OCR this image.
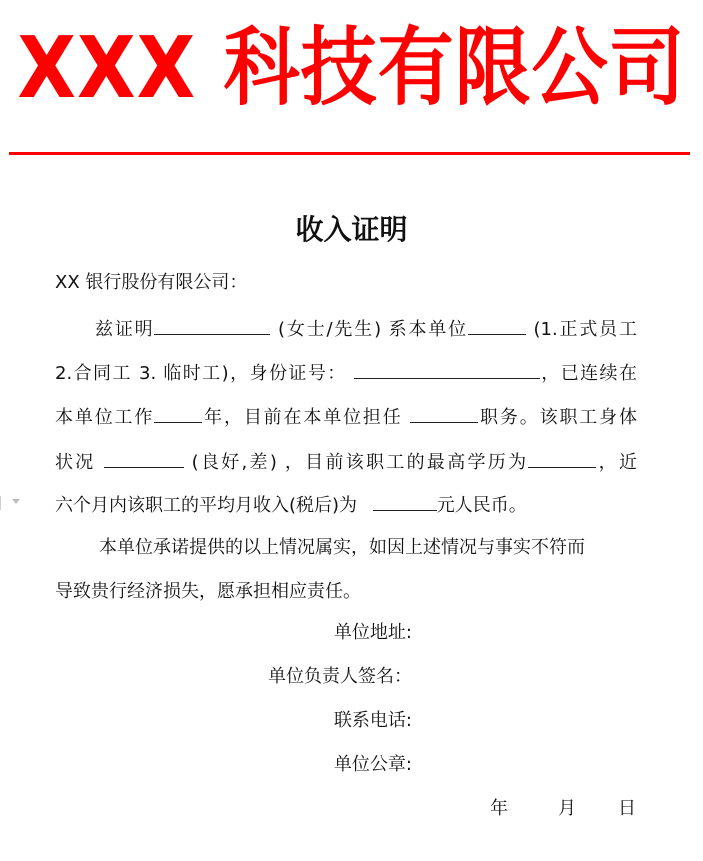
XXX 科技有限公司
收入证明
XX 银行股份有限公司：
兹证明	(女士/先生) 系本单位	(1.正式员工
2.合同工 3. 临时工)，身份证号：	，已连续在
本单位工作	年，目前在本单位担任	职务。该职工身体
状况	(良好,差) ，目前该职工的最高学历为	，近
六个月内该职工的平均月收入(税后)为	元人民币。
本单位承诺提供的以上情况属实，如因上述情况与事实不符而
导致贵行经济损失，愿承担相应责任。
单位地址:
单位负责人签名：
联系电话:
单位公章:
年	月 日
